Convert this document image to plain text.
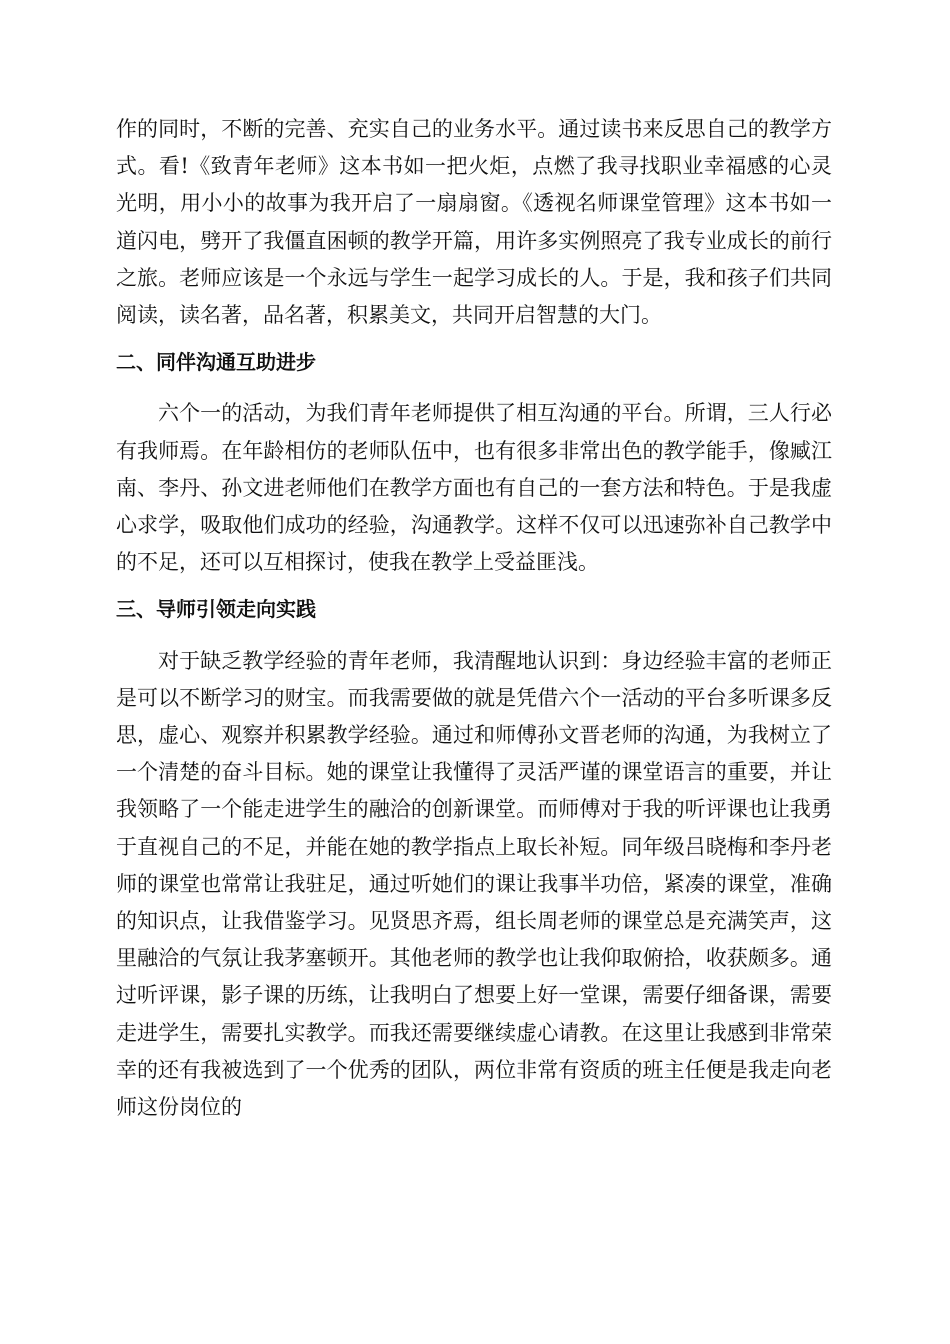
作的同时，不断的完善、充实自己的业务水平。通过读书来反思自己的教学方式。看!《致青年老师》这本书如一把火炬，点燃了我寻找职业幸福感的心灵光明，用小小的故事为我开启了一扇扇窗。《透视名师课堂管理》这本书如一道闪电，劈开了我僵直困顿的教学开篇，用许多实例照亮了我专业成长的前行之旅。老师应该是一个永远与学生一起学习成长的人。于是，我和孩子们共同阅读，读名著，品名著，积累美文，共同开启智慧的大门。

二、同伴沟通互助进步

六个一的活动，为我们青年老师提供了相互沟通的平台。所谓，三人行必有我师焉。在年龄相仿的老师队伍中，也有很多非常出色的教学能手，像臧江南、李丹、孙文进老师他们在教学方面也有自己的一套方法和特色。于是我虚心求学，吸取他们成功的经验，沟通教学。这样不仅可以迅速弥补自己教学中的不足，还可以互相探讨，使我在教学上受益匪浅。

三、导师引领走向实践

对于缺乏教学经验的青年老师，我清醒地认识到：身边经验丰富的老师正是可以不断学习的财宝。而我需要做的就是凭借六个一活动的平台多听课多反思，虚心、观察并积累教学经验。通过和师傅孙文晋老师的沟通，为我树立了一个清楚的奋斗目标。她的课堂让我懂得了灵活严谨的课堂语言的重要，并让我领略了一个能走进学生的融洽的创新课堂。而师傅对于我的听评课也让我勇于直视自己的不足，并能在她的教学指点上取长补短。同年级吕晓梅和李丹老师的课堂也常常让我驻足，通过听她们的课让我事半功倍，紧凑的课堂，准确的知识点，让我借鉴学习。见贤思齐焉，组长周老师的课堂总是充满笑声，这里融洽的气氛让我茅塞顿开。其他老师的教学也让我仰取俯拾，收获颇多。通过听评课，影子课的历练，让我明白了想要上好一堂课，需要仔细备课，需要走进学生，需要扎实教学。而我还需要继续虚心请教。在这里让我感到非常荣幸的还有我被选到了一个优秀的团队，两位非常有资质的班主任便是我走向老师这份岗位的
